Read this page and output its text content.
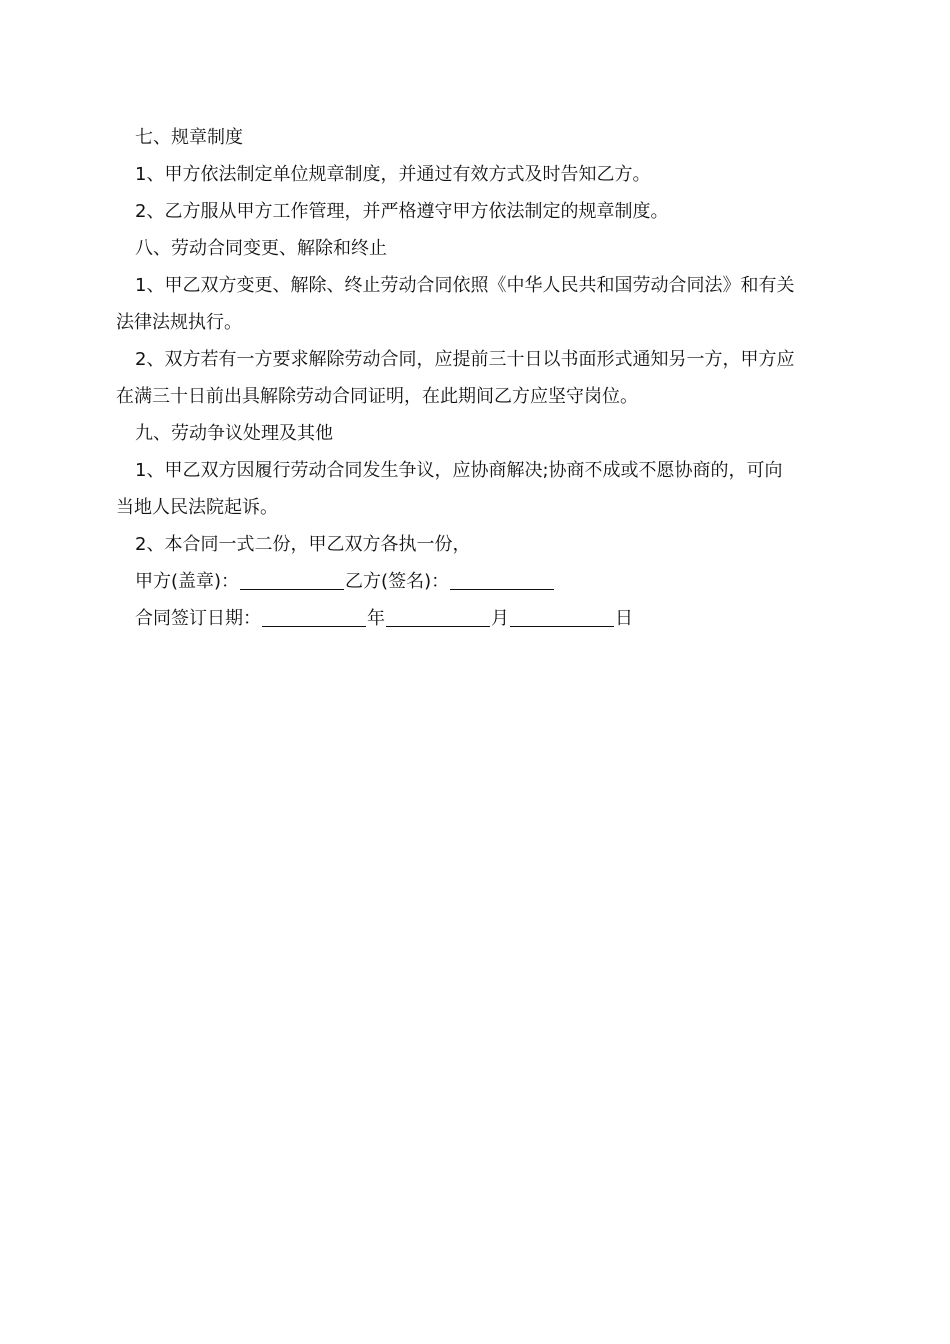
七、规章制度

1、甲方依法制定单位规章制度，并通过有效方式及时告知乙方。

2、乙方服从甲方工作管理，并严格遵守甲方依法制定的规章制度。

八、劳动合同变更、解除和终止

1、甲乙双方变更、解除、终止劳动合同依照《中华人民共和国劳动合同法》和有关

法律法规执行。

2、双方若有一方要求解除劳动合同，应提前三十日以书面形式通知另一方，甲方应

在满三十日前出具解除劳动合同证明，在此期间乙方应坚守岗位。

九、劳动争议处理及其他

1、甲乙双方因履行劳动合同发生争议，应协商解决;协商不成或不愿协商的，可向

当地人民法院起诉。

2、本合同一式二份，甲乙双方各执一份，

甲方(盖章)：	乙方(签名)：

合同签订日期：	年	月	日
